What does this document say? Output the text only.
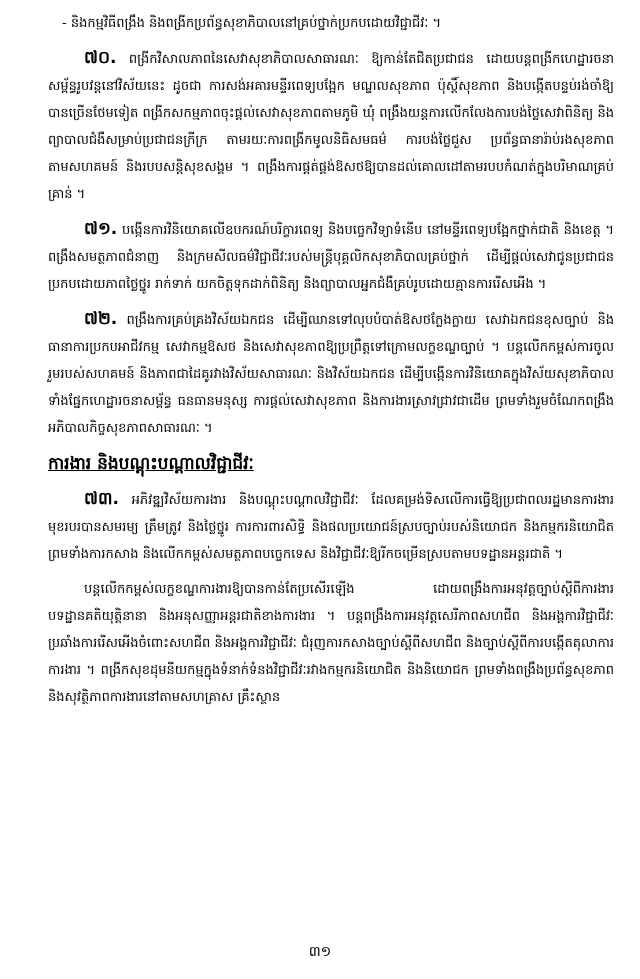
- និងកម្មវិធីពង្រឹង និងពង្រីកប្រព័ន្ធសុខាភិបាលនៅគ្រប់ថ្នាក់ប្រកបដោយវិជ្ជាជីវៈ ។

៧០. ពង្រីកវិសាលភាពនៃសេវាសុខាភិបាលសាធារណៈ ឱ្យកាន់តែជិតប្រជាជន ដោយបន្តពង្រីកហេដ្ឋារចនាសម្ព័ន្ធរូបវន្តនៅវិស័យនេះ ដូចជា ការសង់អគារមន្ទីរពេទ្យបង្អែក មណ្ឌលសុខភាព ប៉ុស្តិ៍សុខភាព និងបង្កើតបន្ទប់រង់ចាំឱ្យបានច្រើនថែមទៀត ពង្រីកសកម្មភាពចុះផ្តល់សេវាសុខភាពតាមភូមិ ឃុំ ពង្រឹងយន្តការលើកលែងការបង់ថ្លៃសេវាពិនិត្យ និងព្យាបាលជំងឺសម្រាប់ប្រជាជនក្រីក្រ តាមរយៈការពង្រីកមូលនិធិសមធម៌ ការបង់ថ្លៃជួស ប្រព័ន្ធធានារ៉ាប់រងសុខភាពតាមសហគមន៍ និងរបបសន្តិសុខសង្គម ។ ពង្រឹងការផ្គត់ផ្គង់ឱសថឱ្យបានដល់គោលដៅតាមរបបកំណត់ក្នុងបរិមាណគ្រប់គ្រាន់ ។

៧១. បង្កើនការវិនិយោគលើឧបករណ៍បរិក្ខារពេទ្យ និងបច្ចេកវិទ្យាទំនើប នៅមន្ទីរពេទ្យបង្អែកថ្នាក់ជាតិ និងខេត្ត ។ ពង្រឹងសមត្ថភាពជំនាញ និងក្រមសីលធម៌វិជ្ជាជីវៈរបស់មន្ត្រីបុគ្គលិកសុខាភិបាលគ្រប់ថ្នាក់ ដើម្បីផ្តល់សេវាជូនប្រជាជនប្រកបដោយភាពថ្លៃថ្នូរ រាក់ទាក់ យកចិត្តទុកដាក់ពិនិត្យ និងព្យាបាលអ្នកជំងឺគ្រប់រូបដោយគ្មានការរើសអើង ។

៧២. ពង្រឹងការគ្រប់គ្រងវិស័យឯកជន ដើម្បីឈានទៅលុបបំបាត់ឱសថក្លែងក្លាយ សេវាឯកជនខុសច្បាប់ និងធានាការប្រកបអាជីវកម្ម សេវាកម្មឱសថ និងសេវាសុខភាពឱ្យប្រព្រឹត្តទៅក្រោមលក្ខខណ្ឌច្បាប់ ។ បន្តលើកកម្ពស់ការចូលរួមរបស់សហគមន៍ និងភាពជាដៃគូរវាងវិស័យសាធារណៈ និងវិស័យឯកជន ដើម្បីបង្កើនការវិនិយោគក្នុងវិស័យសុខាភិបាល ទាំងផ្នែកហេដ្ឋារចនាសម្ព័ន្ធ ធនធានមនុស្ស ការផ្តល់សេវាសុខភាព និងការងារស្រាវជ្រាវជាដើម ព្រមទាំងរួមចំណែកពង្រឹងអភិបាលកិច្ចសុខភាពសាធារណៈ ។

ការងារ និងបណ្តុះបណ្តាលវិជ្ជាជីវៈ

៧៣. អភិវឌ្ឍវិស័យការងារ និងបណ្តុះបណ្តាលវិជ្ជាជីវៈ ដែលគម្រង់ទិសលើការធ្វើឱ្យប្រជាពលរដ្ឋមានការងារ មុខរបរបានសមរម្យ ត្រឹមត្រូវ និងថ្លៃថ្នូរ ការការពារសិទ្ធិ និងផលប្រយោជន៍ស្របច្បាប់របស់និយោជក និងកម្មករនិយោជិត ព្រមទាំងការកសាង និងលើកកម្ពស់សមត្ថភាពបច្ចេកទេស និងវិជ្ជាជីវៈឱ្យរីកចម្រើនស្របតាមបទដ្ឋានអន្តរជាតិ ។

បន្តលើកកម្ពស់លក្ខខណ្ឌការងារឱ្យបានកាន់តែប្រសើរឡើង ដោយពង្រឹងការអនុវត្តច្បាប់ស្តីពីការងារ បទដ្ឋានគតិយុត្តិនានា និងអនុសញ្ញាអន្តរជាតិខាងការងារ ។ បន្តពង្រឹងការអនុវត្តសេរីភាពសហជីព និងអង្គការវិជ្ជាជីវៈ ប្រឆាំងការរើសអើងចំពោះសហជីព និងអង្គការវិជ្ជាជីវៈ ជំរុញការកសាងច្បាប់ស្តីពីសហជីព និងច្បាប់ស្តីពីការបង្កើតតុលាការការងារ ។ ពង្រីកសុខដុមនីយកម្មក្នុងទំនាក់ទំនងវិជ្ជាជីវៈរវាងកម្មករនិយោជិត និងនិយោជក ព្រមទាំងពង្រឹងប្រព័ន្ធសុខភាព និងសុវត្ថិភាពការងារនៅតាមសហគ្រាស គ្រឹះស្ថាន

៣១
